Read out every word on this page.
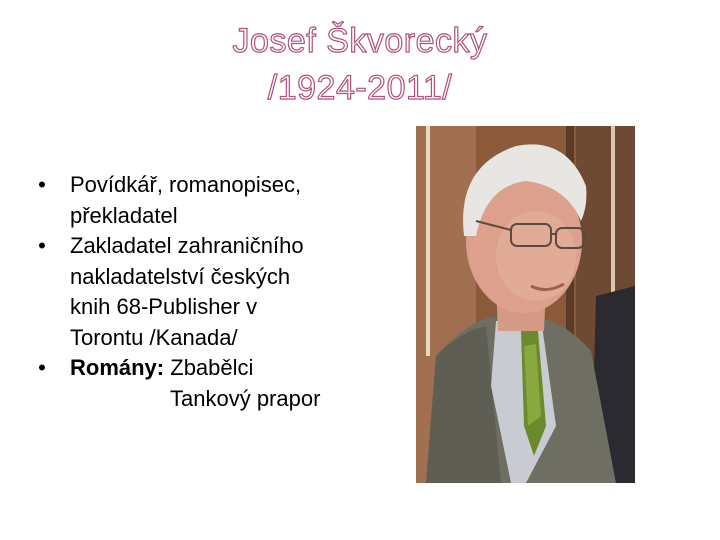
Josef Škvorecký
/1924-2011/
• Povídkář, romanopisec,
překladatel
• Zakladatel zahraničního
nakladatelství českých
knih 68-Publisher v
Torontu /Kanada/
• Romány: Zbabělci
Tankový prapor
